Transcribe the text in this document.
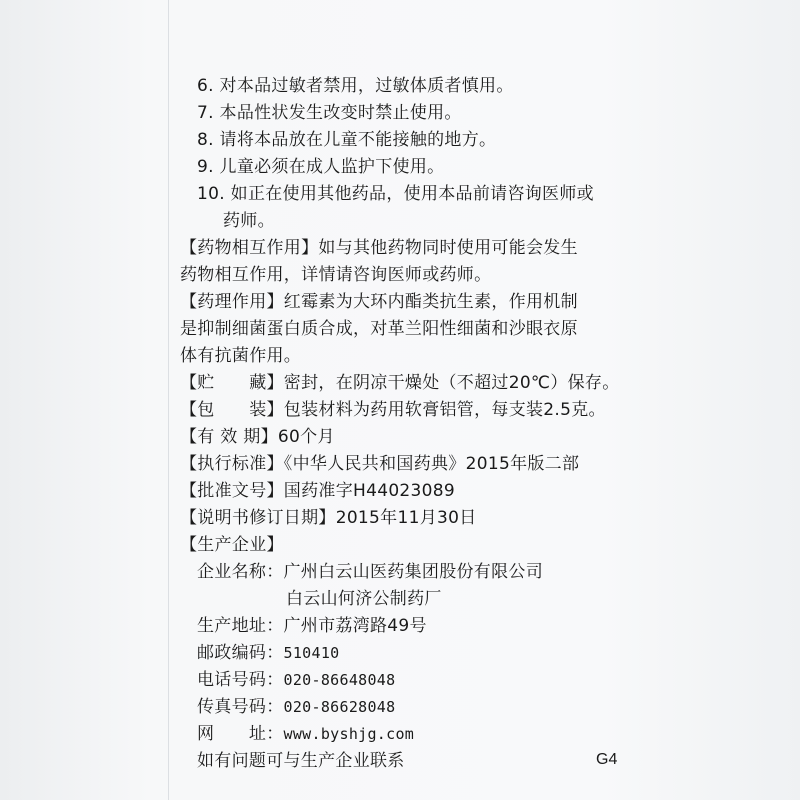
6. 对本品过敏者禁用，过敏体质者慎用。
7. 本品性状发生改变时禁止使用。
8. 请将本品放在儿童不能接触的地方。
9. 儿童必须在成人监护下使用。
10. 如正在使用其他药品，使用本品前请咨询医师或
药师。
【药物相互作用】如与其他药物同时使用可能会发生
药物相互作用，详情请咨询医师或药师。
【药理作用】红霉素为大环内酯类抗生素，作用机制
是抑制细菌蛋白质合成，对革兰阳性细菌和沙眼衣原
体有抗菌作用。
【贮　　藏】密封，在阴凉干燥处（不超过20℃）保存。
【包　　装】包装材料为药用软膏铝管，每支装2.5克。
【有 效 期】60个月
【执行标准】《中华人民共和国药典》2015年版二部
【批准文号】国药准字H44023089
【说明书修订日期】2015年11月30日
【生产企业】
企业名称：广州白云山医药集团股份有限公司
白云山何济公制药厂
生产地址：广州市荔湾路49号
邮政编码：510410
电话号码：020-86648048
传真号码：020-86628048
网　　址：www.byshjg.com
如有问题可与生产企业联系	G4
